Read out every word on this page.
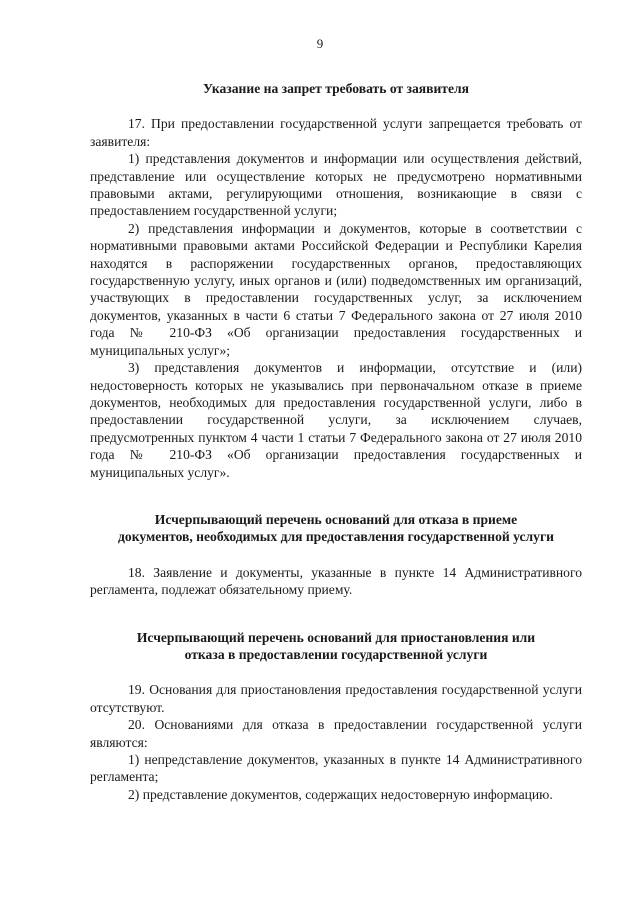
9
Указание на запрет требовать от заявителя

17. При предоставлении государственной услуги запрещается требовать от заявителя:

1) представления документов и информации или осуществления действий, представление или осуществление которых не предусмотрено нормативными правовыми актами, регулирующими отношения, возникающие в связи с предоставлением государственной услуги;

2) представления информации и документов, которые в соответствии с нормативными правовыми актами Российской Федерации и Республики Карелия находятся в распоряжении государственных органов, предоставляющих государственную услугу, иных органов и (или) подведомственных им организаций, участвующих в предоставлении государственных услуг, за исключением документов, указанных в части 6 статьи 7 Федерального закона от 27 июля 2010 года № 210-ФЗ «Об организации предоставления государственных и муниципальных услуг»;

3) представления документов и информации, отсутствие и (или) недостоверность которых не указывались при первоначальном отказе в приеме документов, необходимых для предоставления государственной услуги, либо в предоставлении государственной услуги, за исключением случаев, предусмотренных пунктом 4 части 1 статьи 7 Федерального закона от 27 июля 2010 года № 210-ФЗ «Об организации предоставления государственных и муниципальных услуг».

Исчерпывающий перечень оснований для отказа в приеме
документов, необходимых для предоставления государственной услуги

18. Заявление и документы, указанные в пункте 14 Административного регламента, подлежат обязательному приему.

Исчерпывающий перечень оснований для приостановления или
отказа в предоставлении государственной услуги

19. Основания для приостановления предоставления государственной услуги отсутствуют.

20. Основаниями для отказа в предоставлении государственной услуги являются:

1) непредставление документов, указанных в пункте 14 Административного регламента;

2) представление документов, содержащих недостоверную информацию.
